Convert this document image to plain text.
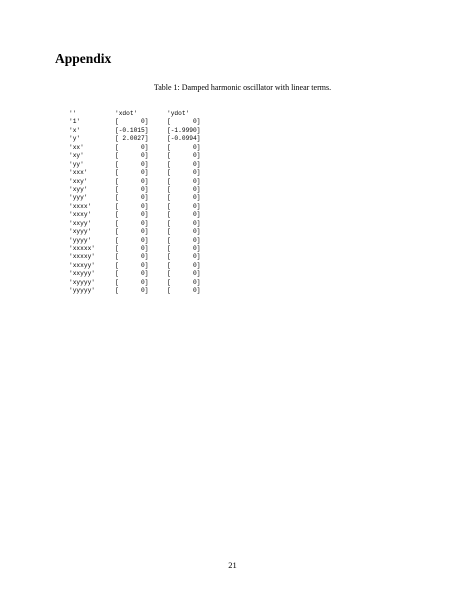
Appendix

Table 1: Damped harmonic oscillator with linear terms.

''	'xdot'	'ydot'
'1'	[      0]	[      0]
'x'	[-0.1015]	[-1.9990]
'y'	[ 2.0027]	[-0.0994]
'xx'	[      0]	[      0]
'xy'	[      0]	[      0]
'yy'	[      0]	[      0]
'xxx'	[      0]	[      0]
'xxy'	[      0]	[      0]
'xyy'	[      0]	[      0]
'yyy'	[      0]	[      0]
'xxxx'	[      0]	[      0]
'xxxy'	[      0]	[      0]
'xxyy'	[      0]	[      0]
'xyyy'	[      0]	[      0]
'yyyy'	[      0]	[      0]
'xxxxx'	[      0]	[      0]
'xxxxy'	[      0]	[      0]
'xxxyy'	[      0]	[      0]
'xxyyy'	[      0]	[      0]
'xyyyy'	[      0]	[      0]
'yyyyy'	[      0]	[      0]
21
